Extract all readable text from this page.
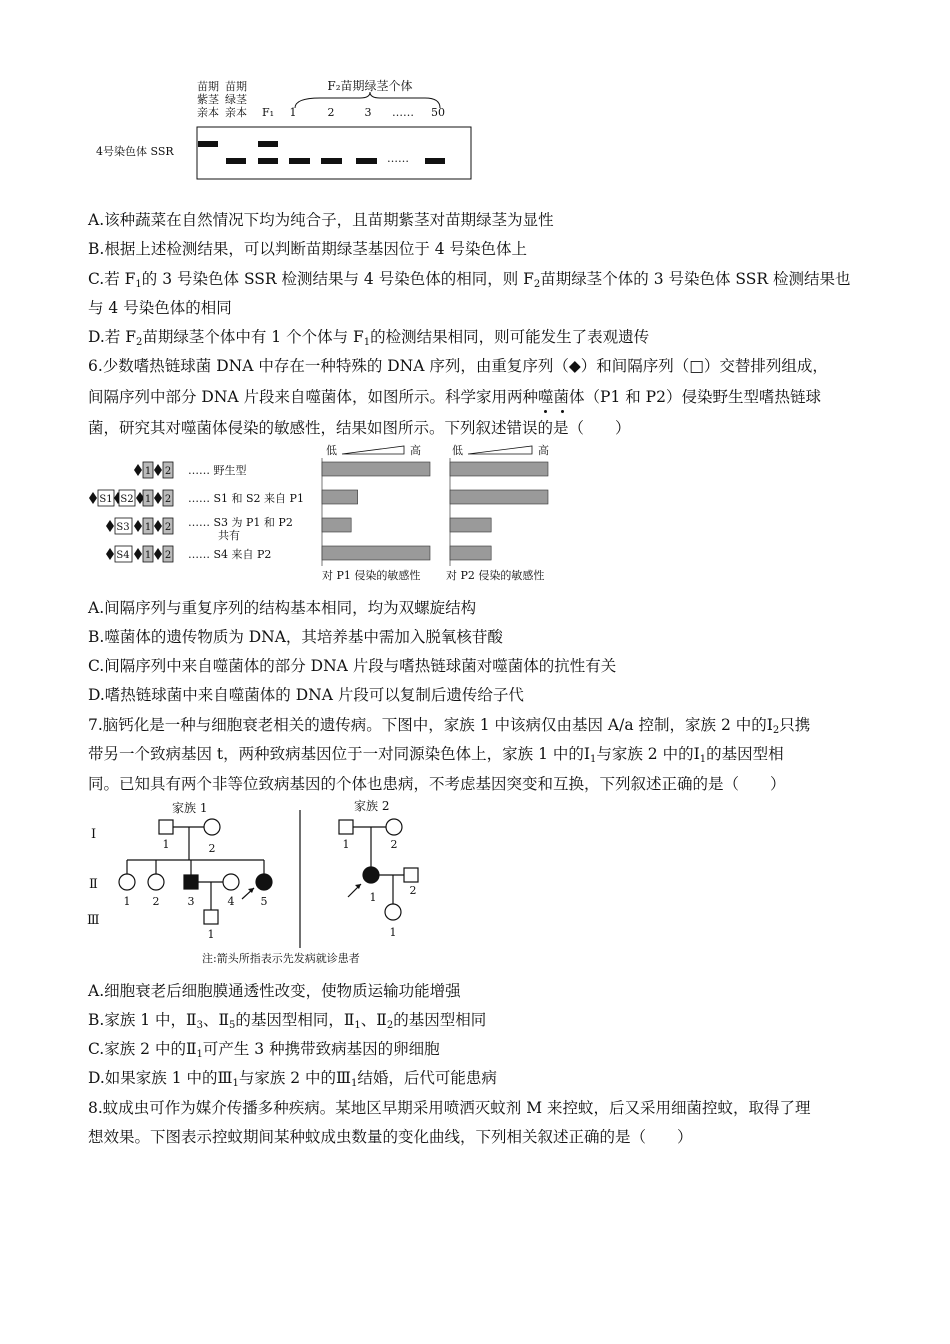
苗期
紫茎
亲本
苗期
绿茎
亲本 F₁
F₂苗期绿茎个体
1	2	3 …… 50
4号染色体 SSR
……
A.该种蔬菜在自然情况下均为纯合子，且苗期紫茎对苗期绿茎为显性
B.根据上述检测结果，可以判断苗期绿茎基因位于 4 号染色体上
C.若 $F_1$的 3 号染色体 SSR 检测结果与 4 号染色体的相同，则 $F_2$苗期绿茎个体的 3 号染色体 SSR 检测结果也
与 4 号染色体的相同
D.若 $F_2$苗期绿茎个体中有 1 个个体与 $F_1$的检测结果相同，则可能发生了表观遗传
6.少数嗜热链球菌 DNA 中存在一种特殊的 DNA 序列，由重复序列（◆）和间隔序列（□）交替排列组成，
间隔序列中部分 DNA 片段来自噬菌体，如图所示。科学家用两种噬菌体（P1 和 P2）侵染野生型嗜热链球
菌，研究其对噬菌体侵染的敏感性，结果如图所示。下列叙述错误的是（　　）
1 2 …… 野生型
S1 S2 1 2 …… S1 和 S2 来自 P1
S3 1 2 …… S3 为 P1 和 P2
共有
S4 1 2 …… S4 来自 P2
低	高
对 P1 侵染的敏感性
低	高
对 P2 侵染的敏感性
A.间隔序列与重复序列的结构基本相同，均为双螺旋结构
B.噬菌体的遗传物质为 DNA，其培养基中需加入脱氧核苷酸
C.间隔序列中来自噬菌体的部分 DNA 片段与嗜热链球菌对噬菌体的抗性有关
D.嗜热链球菌中来自噬菌体的 DNA 片段可以复制后遗传给子代
7.脑钙化是一种与细胞衰老相关的遗传病。下图中，家族 1 中该病仅由基因 A/a 控制，家族 2 中的$Ⅰ_2$只携
带另一个致病基因 t，两种致病基因位于一对同源染色体上，家族 1 中的$Ⅰ_1$与家族 2 中的$Ⅰ_1$的基因型相
同。已知具有两个非等位致病基因的个体也患病，不考虑基因突变和互换，下列叙述正确的是（　　）
家族 1	家族 2
Ⅰ
Ⅱ
Ⅲ
1	2
1 2	3	4 5
1
1	2
1
2
1
注:箭头所指表示先发病就诊患者
A.细胞衰老后细胞膜通透性改变，使物质运输功能增强
B.家族 1 中，$Ⅱ_3$、$Ⅱ_5$的基因型相同，$Ⅱ_1$、$Ⅱ_2$的基因型相同
C.家族 2 中的$Ⅱ_1$可产生 3 种携带致病基因的卵细胞
D.如果家族 1 中的$Ⅲ_1$与家族 2 中的$Ⅲ_1$结婚，后代可能患病
8.蚊成虫可作为媒介传播多种疾病。某地区早期采用喷洒灭蚊剂 M 来控蚊，后又采用细菌控蚊，取得了理
想效果。下图表示控蚊期间某种蚊成虫数量的变化曲线，下列相关叙述正确的是（　　）
